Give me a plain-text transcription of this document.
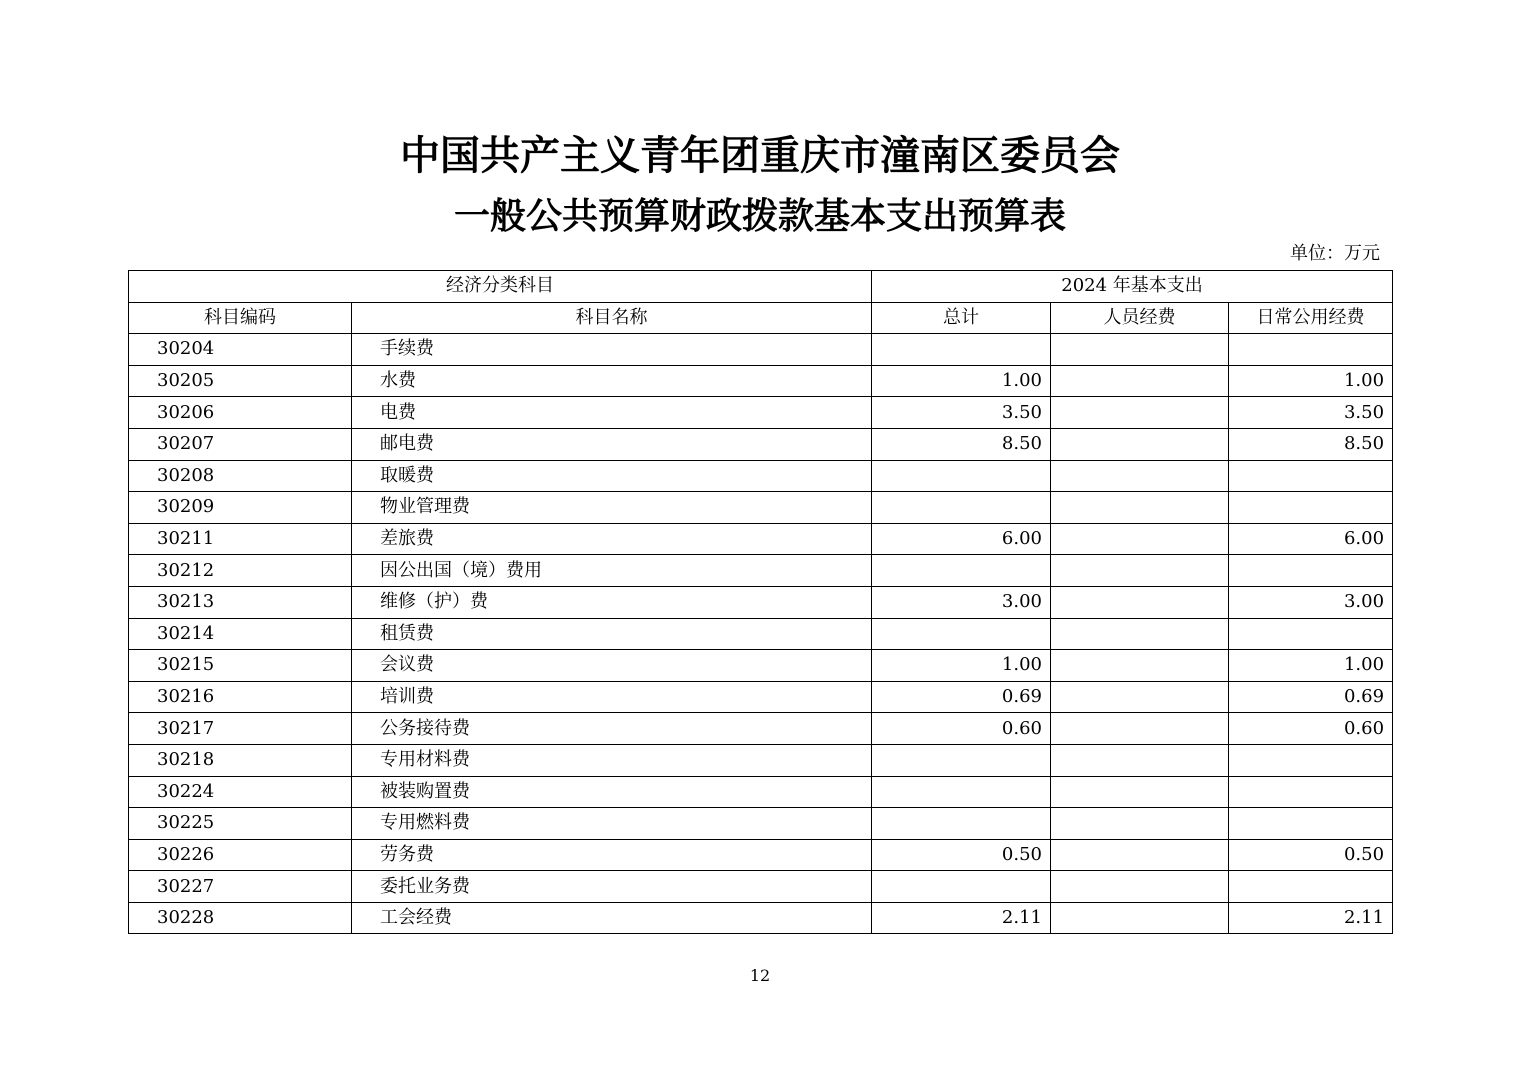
中国共产主义青年团重庆市潼南区委员会
一般公共预算财政拨款基本支出预算表
单位：万元
经济分类科目		2024 年基本支出		
科目编码	科目名称	总计	人员经费	日常公用经费
30204	手续费			
30205	水费	1.00		1.00
30206	电费	3.50		3.50
30207	邮电费	8.50		8.50
30208	取暖费			
30209	物业管理费			
30211	差旅费	6.00		6.00
30212	因公出国（境）费用			
30213	维修（护）费	3.00		3.00
30214	租赁费			
30215	会议费	1.00		1.00
30216	培训费	0.69		0.69
30217	公务接待费	0.60		0.60
30218	专用材料费			
30224	被装购置费			
30225	专用燃料费			
30226	劳务费	0.50		0.50
30227	委托业务费			
30228	工会经费	2.11		2.11
12
